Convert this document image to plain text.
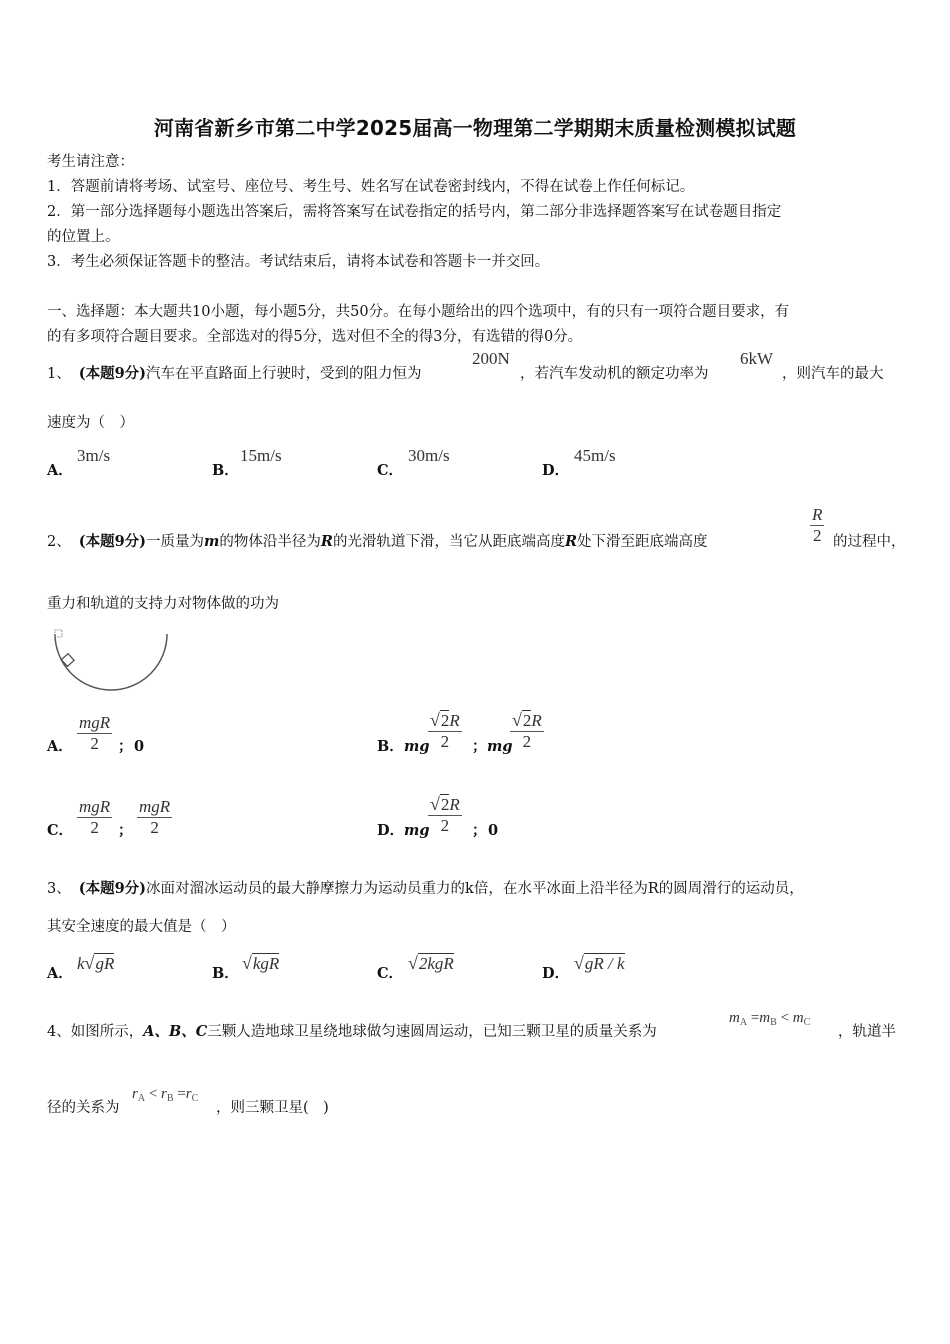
河南省新乡市第二中学2025届高一物理第二学期期末质量检测模拟试题
考生请注意：
1．答题前请将考场、试室号、座位号、考生号、姓名写在试卷密封线内，不得在试卷上作任何标记。
2．第一部分选择题每小题选出答案后，需将答案写在试卷指定的括号内，第二部分非选择题答案写在试卷题目指定
的位置上。
3．考生必须保证答题卡的整洁。考试结束后，请将本试卷和答题卡一并交回。
一、选择题：本大题共10小题，每小题5分，共50分。在每小题给出的四个选项中，有的只有一项符合题目要求，有
的有多项符合题目要求。全部选对的得5分，选对但不全的得3分，有选错的得0分。
1、 (本题9分)汽车在平直路面上行驶时，受到的阻力恒为
200N
，若汽车发动机的额定功率为
6kW
，则汽车的最大
速度为（　）
A．
3m/s
B．
15m/s
C．
30m/s
D．
45m/s
2、 (本题9分)一质量为m的物体沿半径为R的光滑轨道下滑，当它从距底端高度R处下滑至距底端高度	$\frac{R}{2}$ 的过程中，
重力和轨道的支持力对物体做的功为
A． $\frac{\text{mgR}}{2}$ ； 0	B． mg
$\frac{√2R}{2}$ ； mg
$\frac{√2R}{2}$
C． $\frac{\text{mgR}}{2}$ ； $\frac{\text{mgR}}{2}$	D． mg
$\frac{√2R}{2}$ ； 0
3、 (本题9分)冰面对溜冰运动员的最大静摩擦力为运动员重力的k倍，在水平冰面上沿半径为R的圆周滑行的运动员，
其安全速度的最大值是（　）
A．
k√gR
B．
√kgR
C．
√2kgR
D．
√gR / k
4、如图所示，A、B、C三颗人造地球卫星绕地球做匀速圆周运动，已知三颗卫星的质量关系为
$m_A =m_B < m_C$
，轨道半
径的关系为
$r_A < r_B =r_C$
，则三颗卫星(　)
